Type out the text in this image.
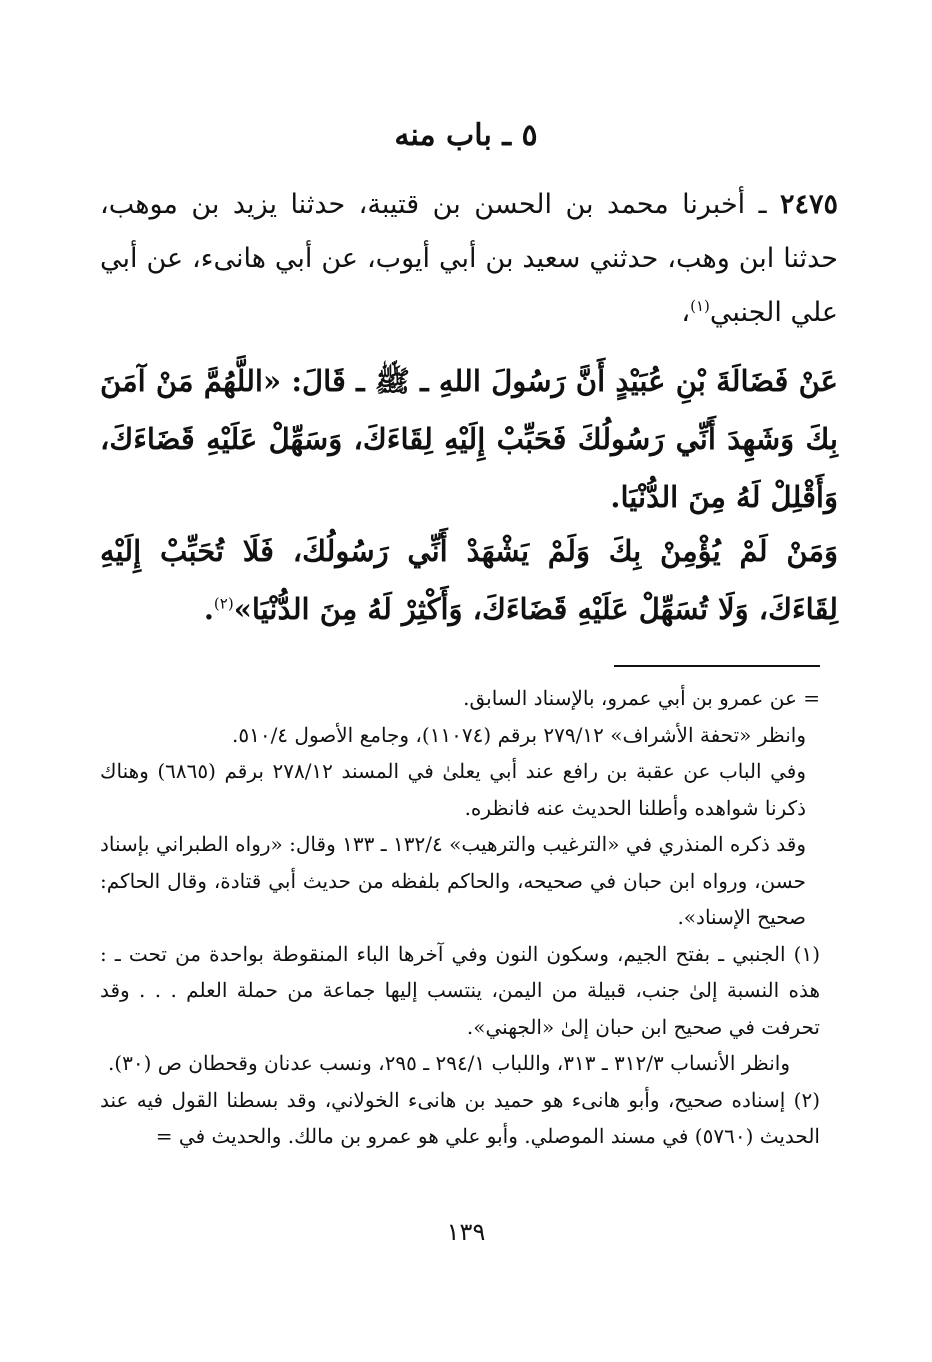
٥ ـ باب منه
٢٤٧٥ ـ أخبرنا محمد بن الحسن بن قتيبة، حدثنا يزيد بن موهب، حدثنا ابن وهب، حدثني سعيد بن أبي أيوب، عن أبي هانىء، عن أبي علي الجنبي$^{(١)}$،
عَنْ فَضَالَةَ بْنِ عُبَيْدٍ أَنَّ رَسُولَ اللهِ ـ ﷺ ـ قَالَ: «اللَّهُمَّ مَنْ آمَنَ بِكَ وَشَهِدَ أَنِّي رَسُولُكَ فَحَبِّبْ إِلَيْهِ لِقَاءَكَ، وَسَهِّلْ عَلَيْهِ قَضَاءَكَ، وَأَقْلِلْ لَهُ مِنَ الدُّنْيَا.
وَمَنْ لَمْ يُؤْمِنْ بِكَ وَلَمْ يَشْهَدْ أَنِّي رَسُولُكَ، فَلَا تُحَبِّبْ إِلَيْهِ لِقَاءَكَ، وَلَا تُسَهِّلْ عَلَيْهِ قَضَاءَكَ، وَأَكْثِرْ لَهُ مِنَ الدُّنْيَا»$^{(٢)}$.

= عن عمرو بن أبي عمرو، بالإسناد السابق.

وانظر «تحفة الأشراف» ٢٧٩/١٢ برقم (١١٠٧٤)، وجامع الأصول ٥١٠/٤.

وفي الباب عن عقبة بن رافع عند أبي يعلىٰ في المسند ٢٧٨/١٢ برقم (٦٨٦٥) وهناك ذكرنا شواهده وأطلنا الحديث عنه فانظره.

وقد ذكره المنذري في «الترغيب والترهيب» ١٣٢/٤ ـ ١٣٣ وقال: «رواه الطبراني بإسناد حسن، ورواه ابن حبان في صحيحه، والحاكم بلفظه من حديث أبي قتادة، وقال الحاكم: صحيح الإسناد».

(١) الجنبي ـ بفتح الجيم، وسكون النون وفي آخرها الباء المنقوطة بواحدة من تحت ـ : هذه النسبة إلىٰ جنب، قبيلة من اليمن، ينتسب إليها جماعة من حملة العلم . . . وقد تحرفت في صحيح ابن حبان إلىٰ «الجهني».

وانظر الأنساب ٣١٢/٣ ـ ٣١٣، واللباب ٢٩٤/١ ـ ٢٩٥، ونسب عدنان وقحطان ص (٣٠).

(٢) إسناده صحيح، وأبو هانىء هو حميد بن هانىء الخولاني، وقد بسطنا القول فيه عند الحديث (٥٧٦٠) في مسند الموصلي. وأبو علي هو عمرو بن مالك. والحديث في =

١٣٩
